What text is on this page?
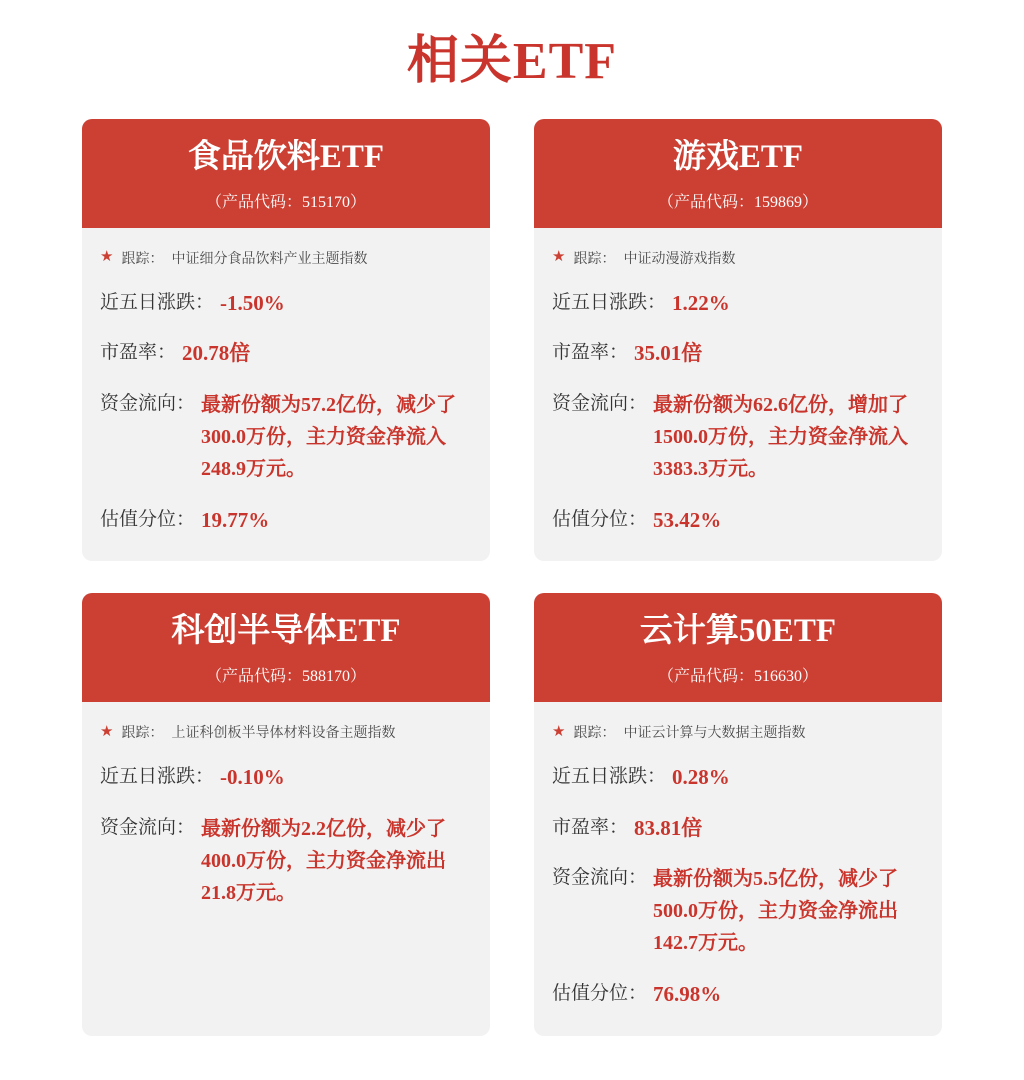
相关ETF
食品饮料ETF
（产品代码：515170）
★ 跟踪： 中证细分食品饮料产业主题指数
近五日涨跌： -1.50%
市盈率： 20.78倍
资金流向： 最新份额为57.2亿份，减少了300.0万份，主力资金净流入248.9万元。
估值分位： 19.77%
游戏ETF
（产品代码：159869）
★ 跟踪： 中证动漫游戏指数
近五日涨跌： 1.22%
市盈率： 35.01倍
资金流向： 最新份额为62.6亿份，增加了1500.0万份，主力资金净流入3383.3万元。
估值分位： 53.42%
科创半导体ETF
（产品代码：588170）
★ 跟踪： 上证科创板半导体材料设备主题指数
近五日涨跌： -0.10%
资金流向： 最新份额为2.2亿份，减少了400.0万份，主力资金净流出21.8万元。
云计算50ETF
（产品代码：516630）
★ 跟踪： 中证云计算与大数据主题指数
近五日涨跌： 0.28%
市盈率： 83.81倍
资金流向： 最新份额为5.5亿份，减少了500.0万份，主力资金净流出142.7万元。
估值分位： 76.98%
